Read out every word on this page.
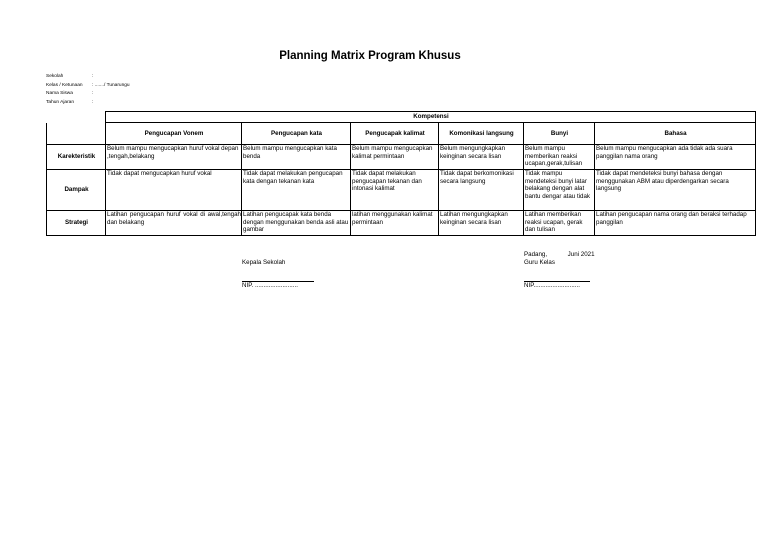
Planning Matrix Program Khusus
Sekolah	:
Kelas / Ketunaan	: ......./ Tunarungu
Nama Siswa	:
Tahun Ajaran	:
	Kompetensi					
	Pengucapan Vonem	Pengucapan kata	Pengucapak kalimat	Komonikasi langsung	Bunyi	Bahasa
Karekteristik	Belum mampu mengucapkan huruf vokal depan ,tengah,belakang	Belum mampu mengucapkan kata benda	Belum mampu mengucapkan kalimat permintaan	Belum mengungkapkan keinginan secara lisan	Belum mampu memberikan reaksi ucapan,gerak,tulisan	Belum mampu mengucapkan ada tidak ada suara panggilan nama orang
Dampak	Tidak dapat mengucapkan huruf vokal	Tidak dapat melakukan pengucapan kata dengan tekanan kata	Tidak dapat melakukan pengucapan tekanan dan intonasi kalimat	Tidak dapat berkomonikasi secara langsung	Tidak mampu mendeteksi bunyi latar belakang dengan alat bantu dengar atau tidak	Tidak dapat mendeteksi bunyi bahasa dengan menggunakan ABM atau diperdengarkan secara langsung
Strategi	Latihan pengucapan huruf vokal di awal,tengah dan belakang	Latihan pengucapak kata benda dengan menggunakan benda asli atau gambar	latihan menggunakan kalimat permintaan	Latihan mengungkapkan keinginan secara lisan	Latihan memberikan reaksi ucapan, gerak dan tulisan	Latihan pengucapan nama orang dan beraksi terhadap panggilan
Kepala Sekolah
NIP. .........................
Padang,            Juni 2021
Guru Kelas
NIP...........................
